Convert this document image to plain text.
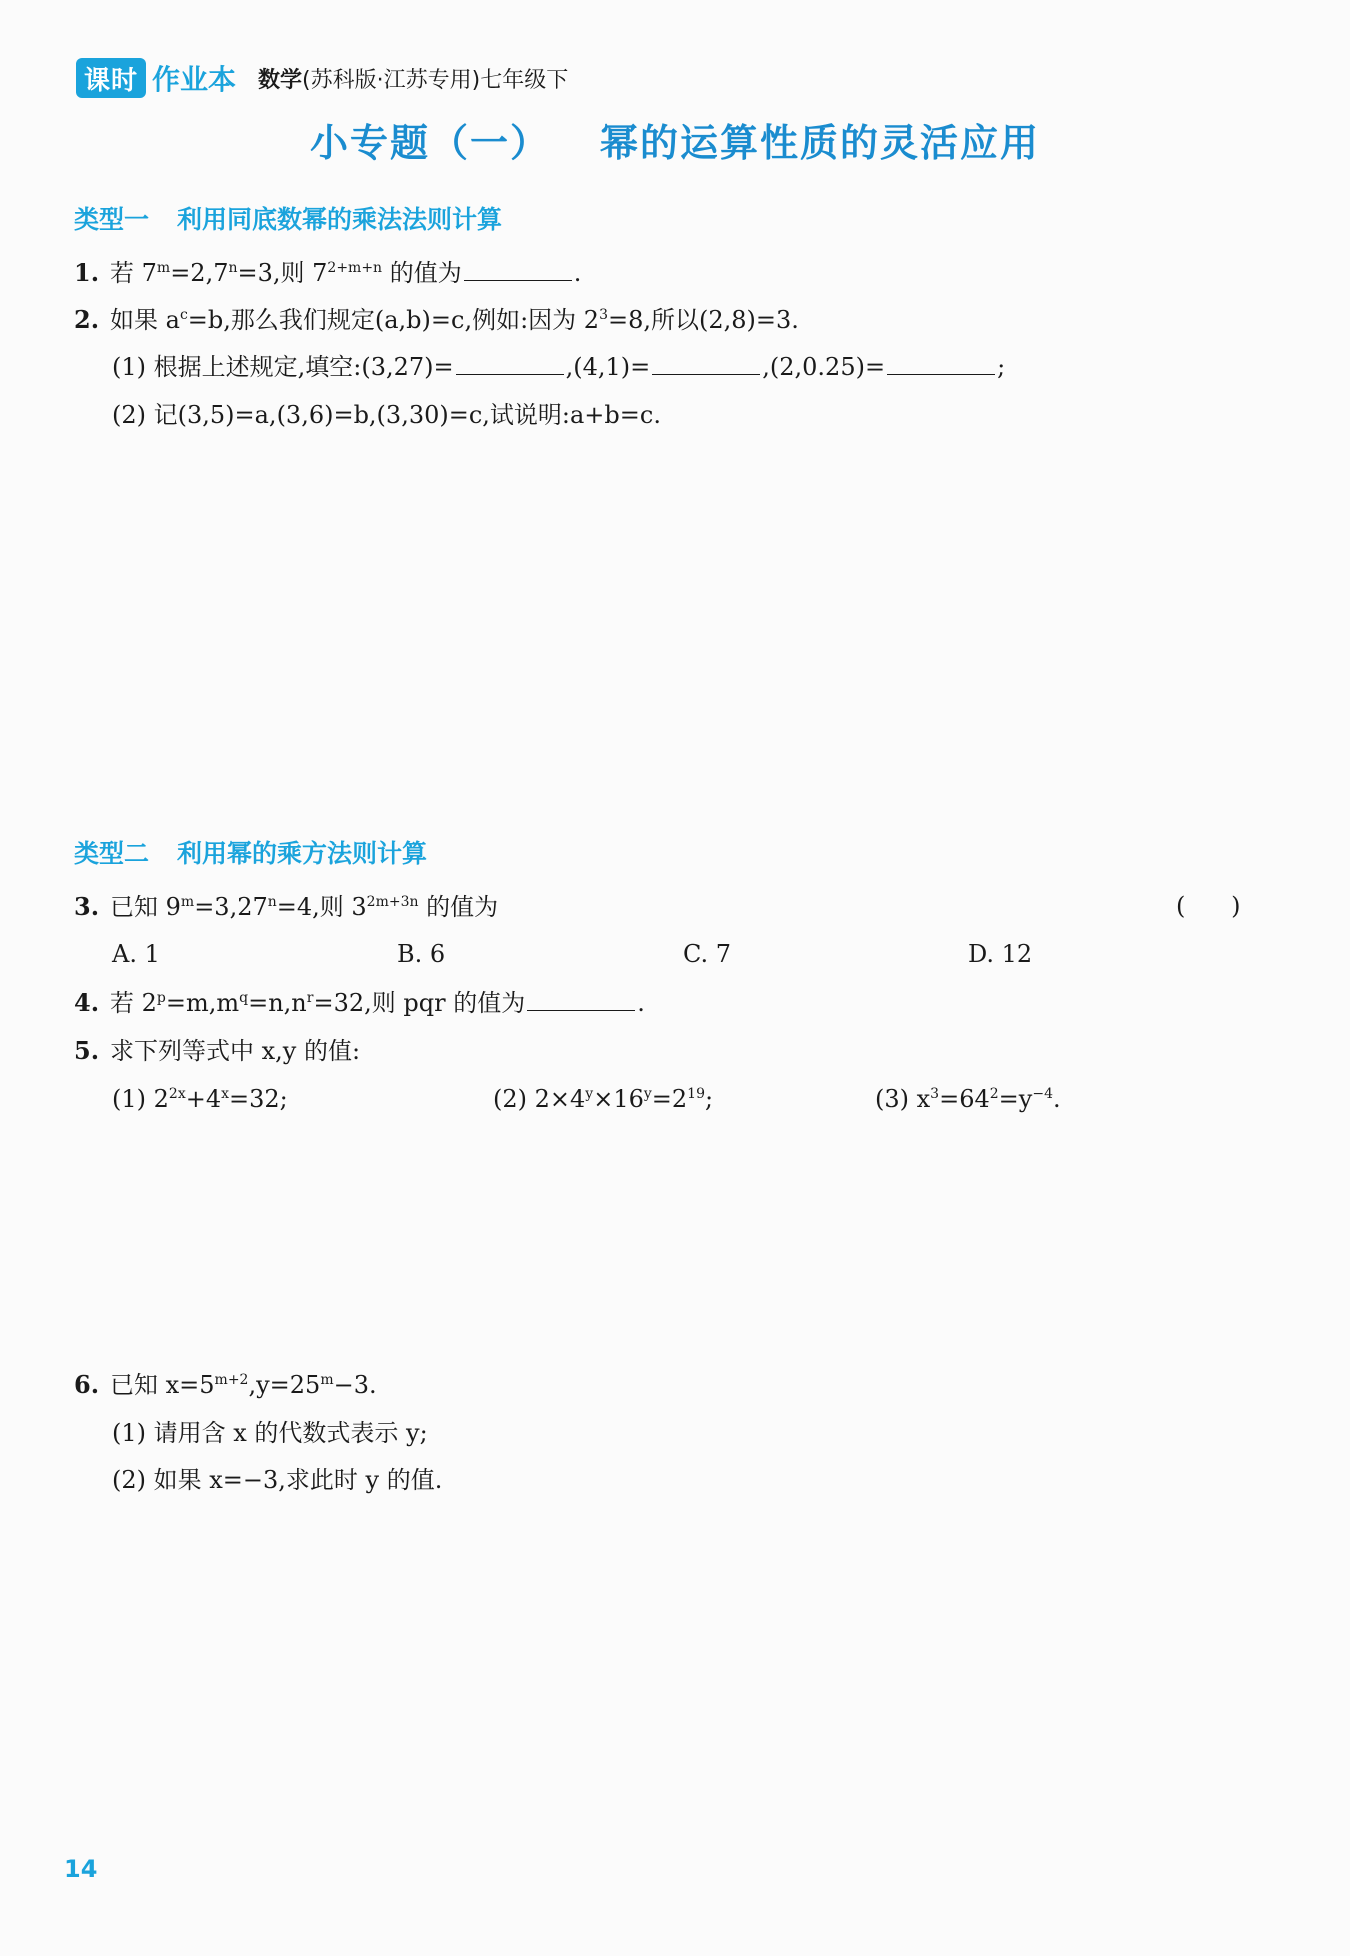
课时 作业本 数学(苏科版·江苏专用)七年级下
小专题（一） 幂的运算性质的灵活应用
类型一 利用同底数幂的乘法法则计算
1. 若 $7^m=2,7^n=3$,则 $7^{2+m+n}$ 的值为	.
2. 如果 $a^c=b$,那么我们规定(a,b)=c,例如:因为 $2^3=8$,所以(2,8)=3.
(1) 根据上述规定,填空:(3,27)=	,(4,1)=	,(2,0.25)=	;
(2) 记(3,5)=a,(3,6)=b,(3,30)=c,试说明:a+b=c.
类型二 利用幂的乘方法则计算
3. 已知 $9^m=3,27^n=4$,则 $3^{2m+3n}$ 的值为	(      )
A. 1	B. 6	C. 7	D. 12
4. 若 $2^p=m,m^q=n,n^r=32$,则 pqr 的值为	.
5. 求下列等式中 x,y 的值:
(1) $2^{2x}+4^x=32$;	(2) $2\times 4^y\times 16^y=2^{19}$;	(3) $x^3=64^2=y^{-4}$.
6. 已知 $x=5^{m+2},y=25^m-3$.
(1) 请用含 x 的代数式表示 y;
(2) 如果 x=−3,求此时 y 的值.
14
